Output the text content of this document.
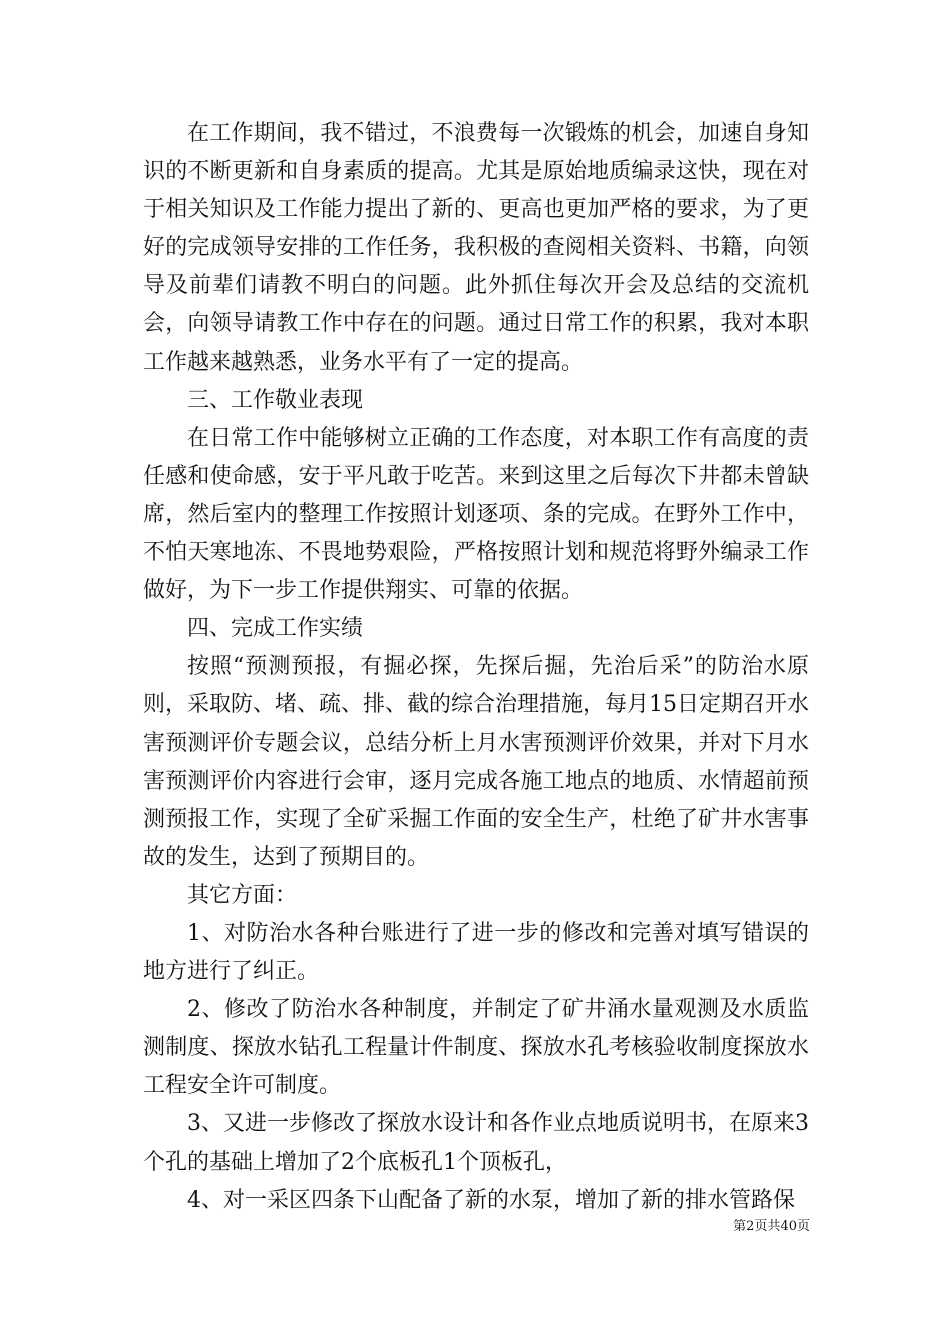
在工作期间，我不错过，不浪费每一次锻炼的机会，加速自身知识的不断更新和自身素质的提高。尤其是原始地质编录这快，现在对于相关知识及工作能力提出了新的、更高也更加严格的要求，为了更好的完成领导安排的工作任务，我积极的查阅相关资料、书籍，向领导及前辈们请教不明白的问题。此外抓住每次开会及总结的交流机会，向领导请教工作中存在的问题。通过日常工作的积累，我对本职工作越来越熟悉，业务水平有了一定的提高。

三、工作敬业表现

在日常工作中能够树立正确的工作态度，对本职工作有高度的责任感和使命感，安于平凡敢于吃苦。来到这里之后每次下井都未曾缺席，然后室内的整理工作按照计划逐项、条的完成。在野外工作中，不怕天寒地冻、不畏地势艰险，严格按照计划和规范将野外编录工作做好，为下一步工作提供翔实、可靠的依据。

四、完成工作实绩

按照“预测预报，有掘必探，先探后掘，先治后采”的防治水原则，采取防、堵、疏、排、截的综合治理措施，每月15日定期召开水害预测评价专题会议，总结分析上月水害预测评价效果，并对下月水害预测评价内容进行会审，逐月完成各施工地点的地质、水情超前预测预报工作，实现了全矿采掘工作面的安全生产，杜绝了矿井水害事故的发生，达到了预期目的。

其它方面：

1、对防治水各种台账进行了进一步的修改和完善对填写错误的地方进行了纠正。

2、修改了防治水各种制度，并制定了矿井涌水量观测及水质监测制度、探放水钻孔工程量计件制度、探放水孔考核验收制度探放水工程安全许可制度。

3、又进一步修改了探放水设计和各作业点地质说明书，在原来3个孔的基础上增加了2个底板孔1个顶板孔，

4、对一采区四条下山配备了新的水泵，增加了新的排水管路保

第2页共40页
